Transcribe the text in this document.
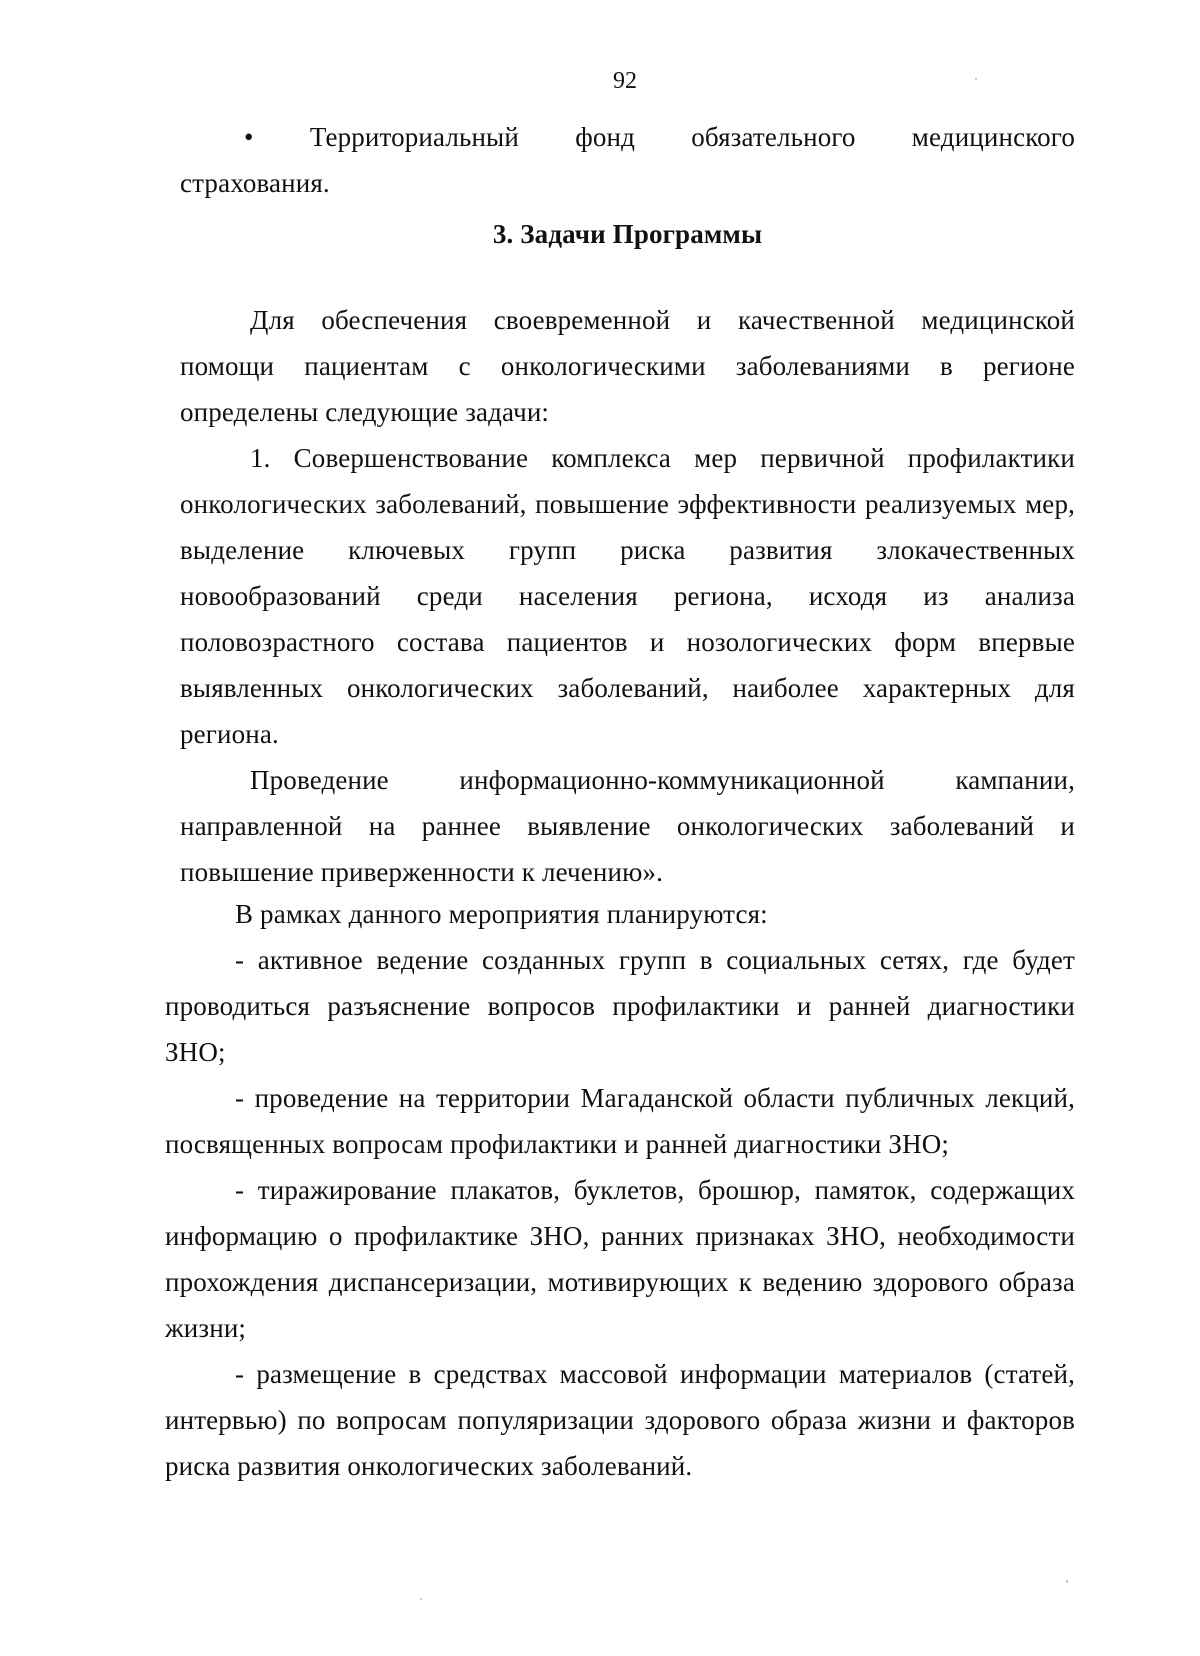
92
• Территориальный фонд обязательного медицинского

страхования.

3. Задачи Программы

Для обеспечения своевременной и качественной медицинской помощи пациентам с онкологическими заболеваниями в регионе определены следующие задачи:

1. Совершенствование комплекса мер первичной профилактики онкологических заболеваний, повышение эффективности реализуемых мер, выделение ключевых групп риска развития злокачественных новообразований среди населения региона, исходя из анализа половозрастного состава пациентов и нозологических форм впервые выявленных онкологических заболеваний, наиболее характерных для региона.

Проведение информационно-коммуникационной кампании, направленной на раннее выявление онкологических заболеваний и повышение приверженности к лечению».

В рамках данного мероприятия планируются:

- активное ведение созданных групп в социальных сетях, где будет проводиться разъяснение вопросов профилактики и ранней диагностики ЗНО;

- проведение на территории Магаданской области публичных лекций, посвященных вопросам профилактики и ранней диагностики ЗНО;

- тиражирование плакатов, буклетов, брошюр, памяток, содержащих информацию о профилактике ЗНО, ранних признаках ЗНО, необходимости прохождения диспансеризации, мотивирующих к ведению здорового образа жизни;

- размещение в средствах массовой информации материалов (статей, интервью) по вопросам популяризации здорового образа жизни и факторов риска развития онкологических заболеваний.
